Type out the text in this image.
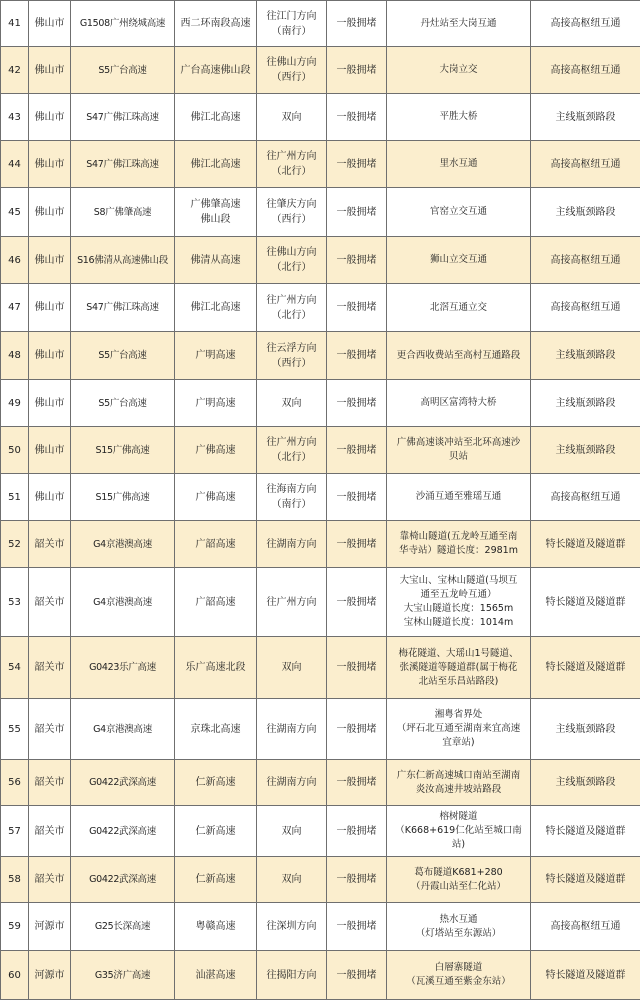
41	佛山市	G1508广州绕城高速	西二环南段高速	往江门方向
（南行）	一般拥堵	丹灶站至大岗互通	高接高枢纽互通
42	佛山市	S5广台高速	广台高速佛山段	往佛山方向
（西行）	一般拥堵	大岗立交	高接高枢纽互通
43	佛山市	S47广佛江珠高速	佛江北高速	双向	一般拥堵	平胜大桥	主线瓶颈路段
44	佛山市	S47广佛江珠高速	佛江北高速	往广州方向
（北行）	一般拥堵	里水互通	高接高枢纽互通
45	佛山市	S8广佛肇高速	广佛肇高速
佛山段	往肇庆方向
（西行）	一般拥堵	官窑立交互通	主线瓶颈路段
46	佛山市	S16佛清从高速佛山段	佛清从高速	往佛山方向
（北行）	一般拥堵	狮山立交互通	高接高枢纽互通
47	佛山市	S47广佛江珠高速	佛江北高速	往广州方向
（北行）	一般拥堵	北滘互通立交	高接高枢纽互通
48	佛山市	S5广台高速	广明高速	往云浮方向
（西行）	一般拥堵	更合西收费站至高村互通路段	主线瓶颈路段
49	佛山市	S5广台高速	广明高速	双向	一般拥堵	高明区富湾特大桥	主线瓶颈路段
50	佛山市	S15广佛高速	广佛高速	往广州方向
（北行）	一般拥堵	广佛高速谈冲站至北环高速沙
贝站	主线瓶颈路段
51	佛山市	S15广佛高速	广佛高速	往海南方向
（南行）	一般拥堵	沙涌互通至雅瑶互通	高接高枢纽互通
52	韶关市	G4京港澳高速	广韶高速	往湖南方向	一般拥堵	靠椅山隧道(五龙岭互通至南
华寺站）隧道长度：2981m	特长隧道及隧道群
53	韶关市	G4京港澳高速	广韶高速	往广州方向	一般拥堵	大宝山、宝林山隧道(马坝互
通至五龙岭互通）
大宝山隧道长度：1565m
宝林山隧道长度：1014m	特长隧道及隧道群
54	韶关市	G0423乐广高速	乐广高速北段	双向	一般拥堵	梅花隧道、大瑶山1号隧道、
张溪隧道等隧道群(属于梅花
北站至乐昌站路段)	特长隧道及隧道群
55	韶关市	G4京港澳高速	京珠北高速	往湖南方向	一般拥堵	湘粤省界处
（坪石北互通至湖南来宜高速
宜章站)	主线瓶颈路段
56	韶关市	G0422武深高速	仁新高速	往湖南方向	一般拥堵	广东仁新高速城口南站至湖南
炎汝高速井坡站路段	主线瓶颈路段
57	韶关市	G0422武深高速	仁新高速	双向	一般拥堵	榕树隧道
（K668+619仁化站至城口南
站)	特长隧道及隧道群
58	韶关市	G0422武深高速	仁新高速	双向	一般拥堵	葛布隧道K681+280
（丹霞山站至仁化站）	特长隧道及隧道群
59	河源市	G25长深高速	粤赣高速	往深圳方向	一般拥堵	热水互通
（灯塔站至东源站）	高接高枢纽互通
60	河源市	G35济广高速	汕湛高速	往揭阳方向	一般拥堵	白層寨隧道
（瓦溪互通至紫金东站）	特长隧道及隧道群
